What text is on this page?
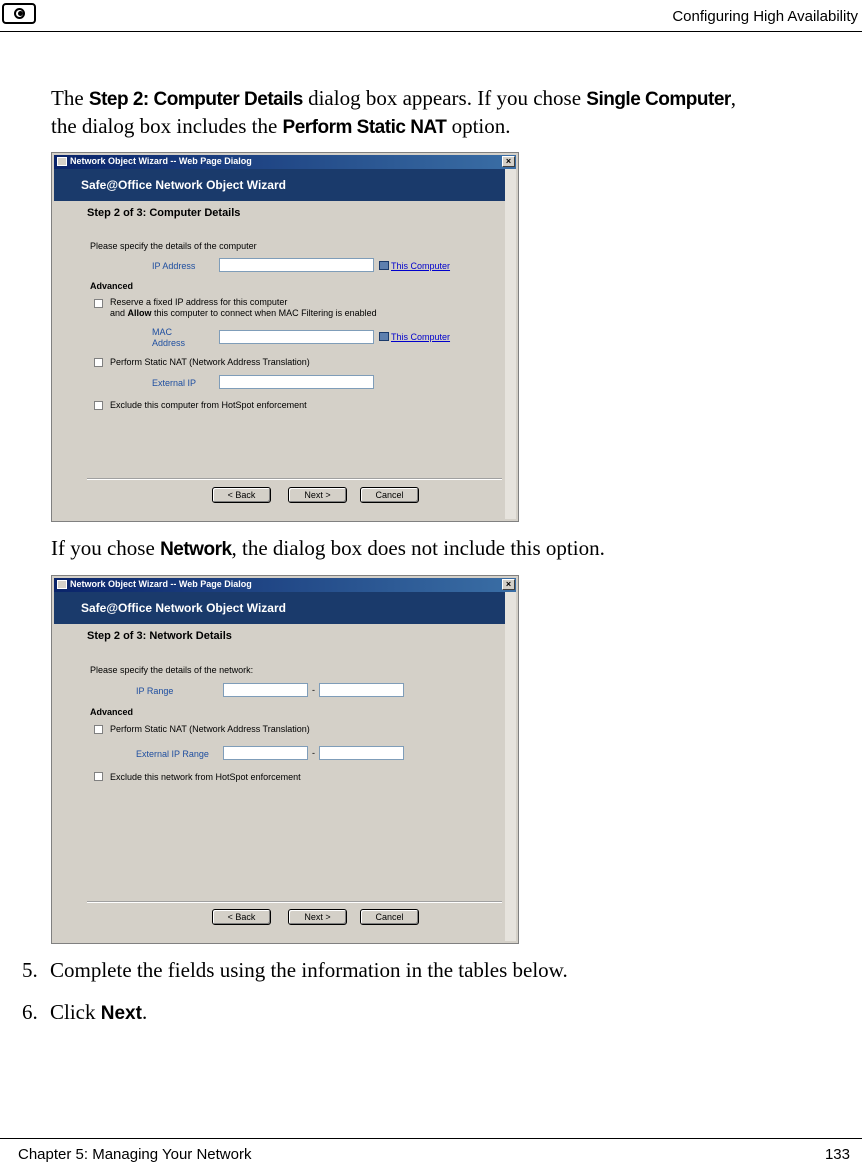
Configuring High Availability
The Step 2: Computer Details dialog box appears. If you chose Single Computer,
the dialog box includes the Perform Static NAT option.
Network Object Wizard -- Web Page Dialog	×
Safe@Office Network Object Wizard
Step 2 of 3: Computer Details
Please specify the details of the computer
IP Address	This Computer
Advanced
Reserve a fixed IP address for this computer
and Allow this computer to connect when MAC Filtering is enabled
MAC
Address
This Computer
Perform Static NAT (Network Address Translation)
External IP
Exclude this computer from HotSpot enforcement
< Back	Next >	Cancel
If you chose Network, the dialog box does not include this option.
Network Object Wizard -- Web Page Dialog	×
Safe@Office Network Object Wizard
Step 2 of 3: Network Details
Please specify the details of the network:
IP Range	-
Advanced
Perform Static NAT (Network Address Translation)
External IP Range	-
Exclude this network from HotSpot enforcement
< Back	Next >	Cancel
5. Complete the fields using the information in the tables below.
6. Click Next.
Chapter 5: Managing Your Network	133
